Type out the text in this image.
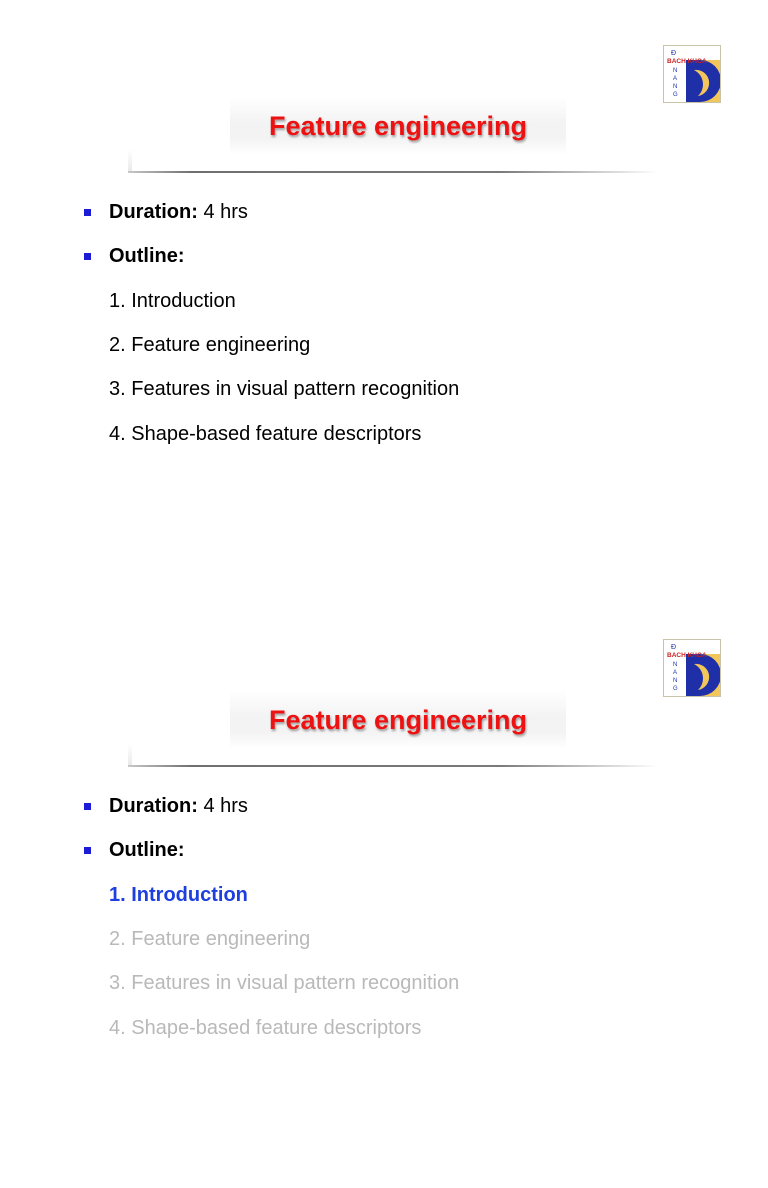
Đ
BACH KHOA
N
A
N
G
Feature engineering
Duration:
4 hrs
Outline:
1. Introduction
2. Feature engineering
3. Features in visual pattern recognition
4. Shape-based feature descriptors
Đ
BACH KHOA
N
A
N
G
Feature engineering
Duration:
4 hrs
Outline:
1. Introduction
2. Feature engineering
3. Features in visual pattern recognition
4. Shape-based feature descriptors
